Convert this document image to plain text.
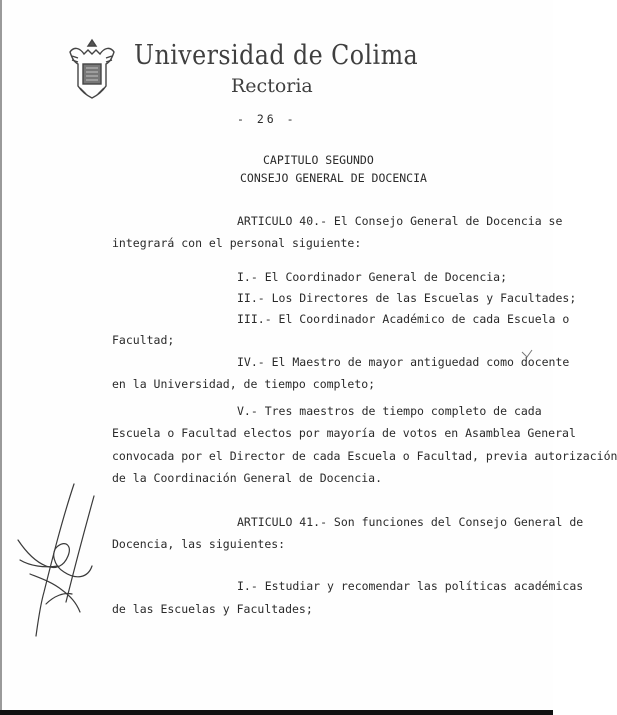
Universidad de Colima
Rectoria
- 26 -
CAPITULO SEGUNDO
CONSEJO GENERAL DE DOCENCIA
ARTICULO 40.- El Consejo General de Docencia se
integrará con el personal siguiente:
I.- El Coordinador General de Docencia;
II.- Los Directores de las Escuelas y Facultades;
III.- El Coordinador Académico de cada Escuela o
Facultad;
IV.- El Maestro de mayor antiguedad como docente
en la Universidad, de tiempo completo;
V.- Tres maestros de tiempo completo de cada
Escuela o Facultad electos por mayoría de votos en Asamblea General
convocada por el Director de cada Escuela o Facultad, previa autorización
de la Coordinación General de Docencia.
ARTICULO 41.- Son funciones del Consejo General de
Docencia, las siguientes:
I.- Estudiar y recomendar las políticas académicas
de las Escuelas y Facultades;
